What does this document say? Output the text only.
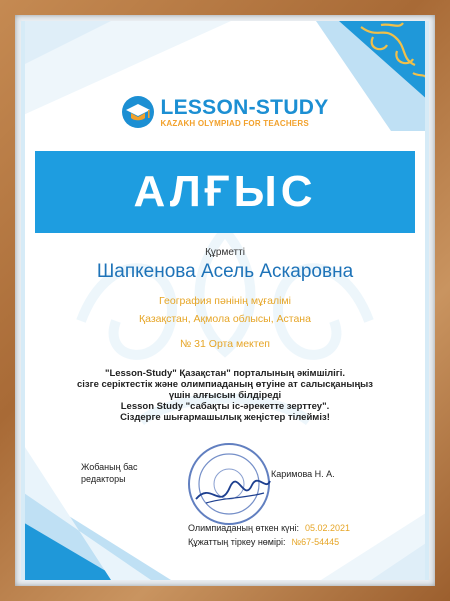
LESSON-STUDY
KAZAKH OLYMPIAD FOR TEACHERS
АЛҒЫС
Құрметті
Шапкенова Асель Аскаровна
География пәнінің мұғалімі
Қазақстан, Ақмола облысы, Астана
№ 31 Орта мектеп
"Lesson-Study" Қазақстан" порталының әкімшілігі.
сізге серіктестік және олимпиаданың өтуіне ат салысқаныңыз
үшін алғысын білдіреді
Lesson Study "сабақты іс-әрекетте зерттеу".
Сіздерге шығармашылық жеңістер тілейміз!
Жобаның бас редакторы	Каримова Н. А.
Олимпиаданың өткен күні: 05.02.2021
Құжаттың тіркеу нөмірі: №67-54445
